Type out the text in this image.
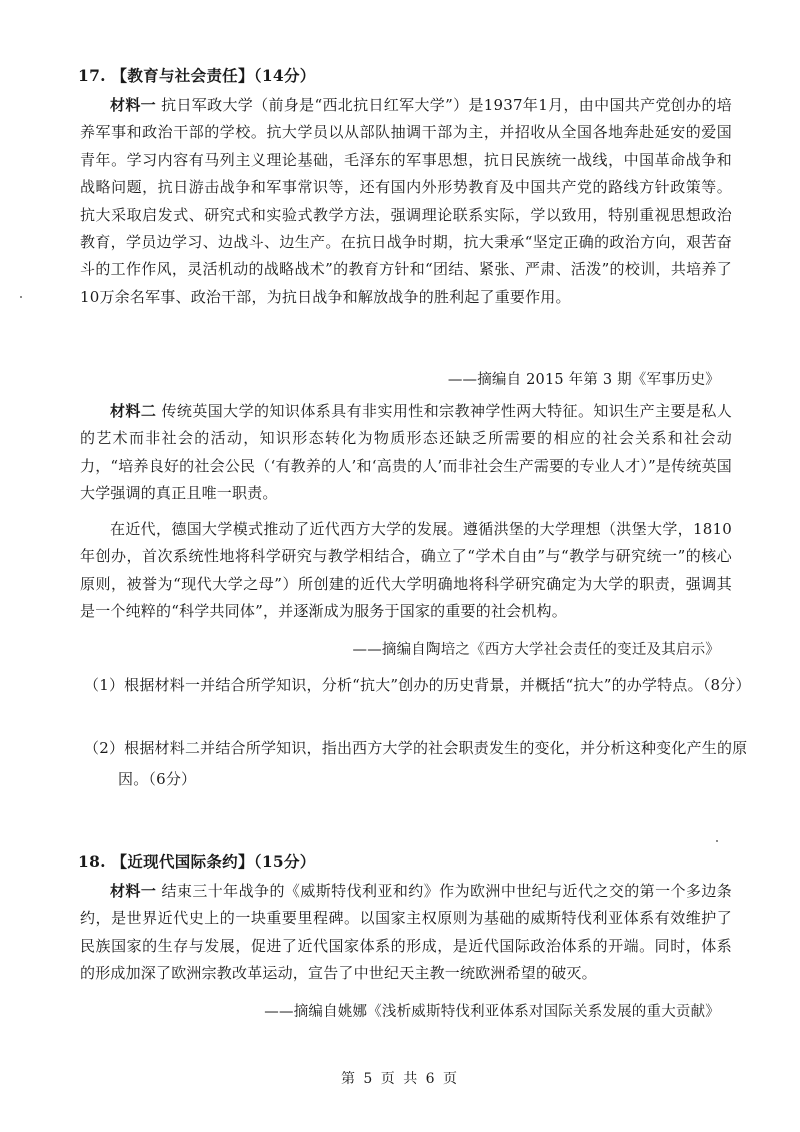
17. 【教育与社会责任】（14分）

材料一 抗日军政大学（前身是“西北抗日红军大学”）是1937年1月，由中国共产党创办的培养军事和政治干部的学校。抗大学员以从部队抽调干部为主，并招收从全国各地奔赴延安的爱国青年。学习内容有马列主义理论基础，毛泽东的军事思想，抗日民族统一战线，中国革命战争和战略问题，抗日游击战争和军事常识等，还有国内外形势教育及中国共产党的路线方针政策等。抗大采取启发式、研究式和实验式教学方法，强调理论联系实际，学以致用，特别重视思想政治教育，学员边学习、边战斗、边生产。在抗日战争时期，抗大秉承“坚定正确的政治方向，艰苦奋斗的工作作风，灵活机动的战略战术”的教育方针和“团结、紧张、严肃、活泼”的校训，共培养了10万余名军事、政治干部，为抗日战争和解放战争的胜利起了重要作用。

——摘编自 2015 年第 3 期《军事历史》

材料二 传统英国大学的知识体系具有非实用性和宗教神学性两大特征。知识生产主要是私人的艺术而非社会的活动，知识形态转化为物质形态还缺乏所需要的相应的社会关系和社会动力，“培养良好的社会公民（‘有教养的人’和‘高贵的人’而非社会生产需要的专业人才）”是传统英国大学强调的真正且唯一职责。

在近代，德国大学模式推动了近代西方大学的发展。遵循洪堡的大学理想（洪堡大学，1810年创办，首次系统性地将科学研究与教学相结合，确立了“学术自由”与“教学与研究统一”的核心原则，被誉为“现代大学之母”）所创建的近代大学明确地将科学研究确定为大学的职责，强调其是一个纯粹的“科学共同体”，并逐渐成为服务于国家的重要的社会机构。

——摘编自陶培之《西方大学社会责任的变迁及其启示》

（1）根据材料一并结合所学知识，分析“抗大”创办的历史背景，并概括“抗大”的办学特点。（8分）

（2）根据材料二并结合所学知识，指出西方大学的社会职责发生的变化，并分析这种变化产生的原因。（6分）

18. 【近现代国际条约】（15分）

材料一 结束三十年战争的《威斯特伐利亚和约》作为欧洲中世纪与近代之交的第一个多边条约，是世界近代史上的一块重要里程碑。以国家主权原则为基础的威斯特伐利亚体系有效维护了民族国家的生存与发展，促进了近代国家体系的形成，是近代国际政治体系的开端。同时，体系的形成加深了欧洲宗教改革运动，宣告了中世纪天主教一统欧洲希望的破灭。

——摘编自姚娜《浅析威斯特伐利亚体系对国际关系发展的重大贡献》
第 5 页 共 6 页
